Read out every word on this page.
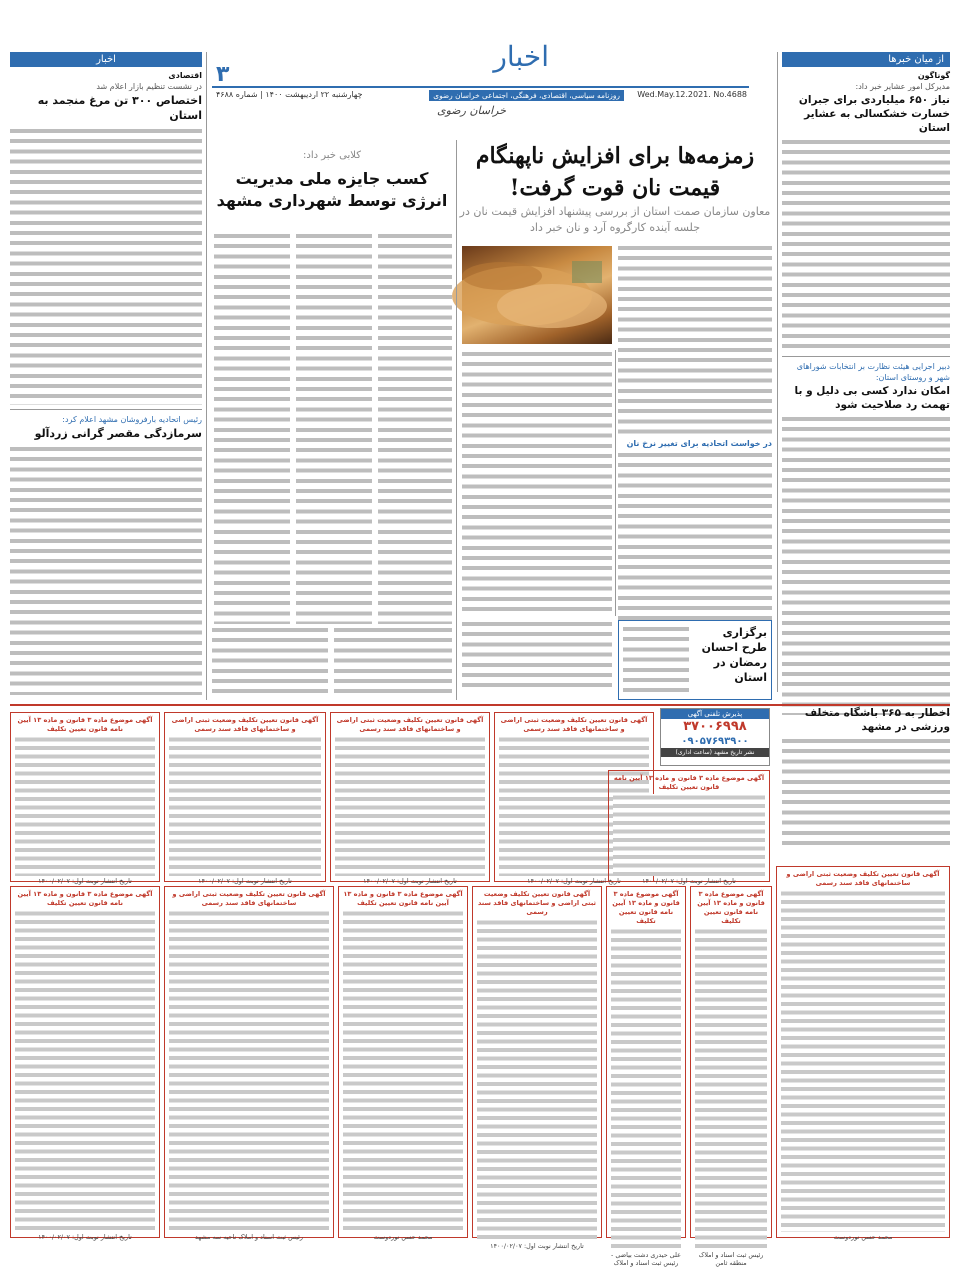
اخبار
۳
Wed.May.12.2021. No.4688
روزنامه سیاسی، اقتصادی، فرهنگی، اجتماعی خراسان رضوی
چهارشنبه ۲۲ اردیبهشت ۱۴۰۰ | شماره ۴۶۸۸
خراسان رضوی
از میان خبرها
گوناگون
مدیرکل امور عشایر خبر داد:
نیاز ۶۵۰ میلیاردی برای جبران خسارت خشکسالی به عشایر استان
دبیر اجرایی هیئت نظارت بر انتخابات شوراهای شهر و روستای استان:
امکان ندارد کسی بی دلیل و با تهمت رد صلاحیت شود
اخطار به ۳۶۵ باشگاه متخلف ورزشی در مشهد
زمزمه‌ها برای افزایش ناپهنگام قیمت نان قوت گرفت!
معاون سازمان صمت استان از بررسی پیشنهاد افزایش قیمت نان در جلسه آینده کارگروه آرد و نان خبر داد
در خواست اتحادیه برای تغییر نرخ نان
برگزاری طرح احسان رمضان در استان
کلابی خبر داد:
کسب جایزه ملی مدیریت انرژی توسط شهرداری مشهد
اخبار
اقتصادی
در نشست تنظیم بازار اعلام شد
اختصاص ۳۰۰ تن مرغ منجمد به استان
رئیس اتحادیه بارفروشان مشهد اعلام کرد:
سرمازدگی مقصر گرانی زردآلو
پذیرش تلفنی آگهی
۳۷۰۰۶۹۹۸
۰۹۰۵۷۶۹۳۹۰۰
نشر تاریخ مشهد (ساعت اداری)
آگهی موضوع ماده ۳ قانون و ماده ۱۳ آیین نامه قانون تعیین تکلیف
تاریخ انتشار نوبت اول: ۱۴۰۰/۰۲/۰۷
آگهی قانون تعیین تکلیف وضعیت ثبتی اراضی و ساختمانهای فاقد سند رسمی
تاریخ انتشار نوبت اول: ۱۴۰۰/۰۲/۰۷
آگهی قانون تعیین تکلیف وضعیت ثبتی اراضی و ساختمانهای فاقد سند رسمی
تاریخ انتشار نوبت اول: ۱۴۰۰/۰۲/۰۷
آگهی قانون تعیین تکلیف وضعیت ثبتی اراضی و ساختمانهای فاقد سند رسمی
تاریخ انتشار نوبت اول: ۱۴۰۰/۰۲/۰۷
آگهی موضوع ماده ۳ قانون و ماده ۱۳ آیین نامه قانون تعیین تکلیف
تاریخ انتشار نوبت اول: ۱۴۰۰/۰۲/۰۷
آگهی قانون تعیین تکلیف وضعیت ثبتی اراضی و ساختمانهای فاقد سند رسمی
محمد حسن نوردوست
آگهی موضوع ماده ۳ قانون و ماده ۱۳ آیین نامه قانون تعیین تکلیف
تاریخ انتشار نوبت اول: ۱۴۰۰/۰۲/۰۷
آگهی قانون تعیین تکلیف وضعیت ثبتی اراضی و ساختمانهای فاقد سند رسمی
رئیس ثبت اسناد و املاک ناحیه سه مشهد
آگهی موضوع ماده ۳ قانون و ماده ۱۳ آیین نامه قانون تعیین تکلیف
محمد حسن نوردوست
آگهی قانون تعیین تکلیف وضعیت ثبتی اراضی و ساختمانهای فاقد سند رسمی
تاریخ انتشار نوبت اول: ۱۴۰۰/۰۲/۰۷
آگهی موضوع ماده ۳ قانون و ماده ۱۳ آیین نامه قانون تعیین تکلیف
علی حیدری دشت بیاضی - رئیس ثبت اسناد و املاک
آگهی موضوع ماده ۳ قانون و ماده ۱۳ آیین نامه قانون تعیین تکلیف
رئیس ثبت اسناد و املاک منطقه ثامن
